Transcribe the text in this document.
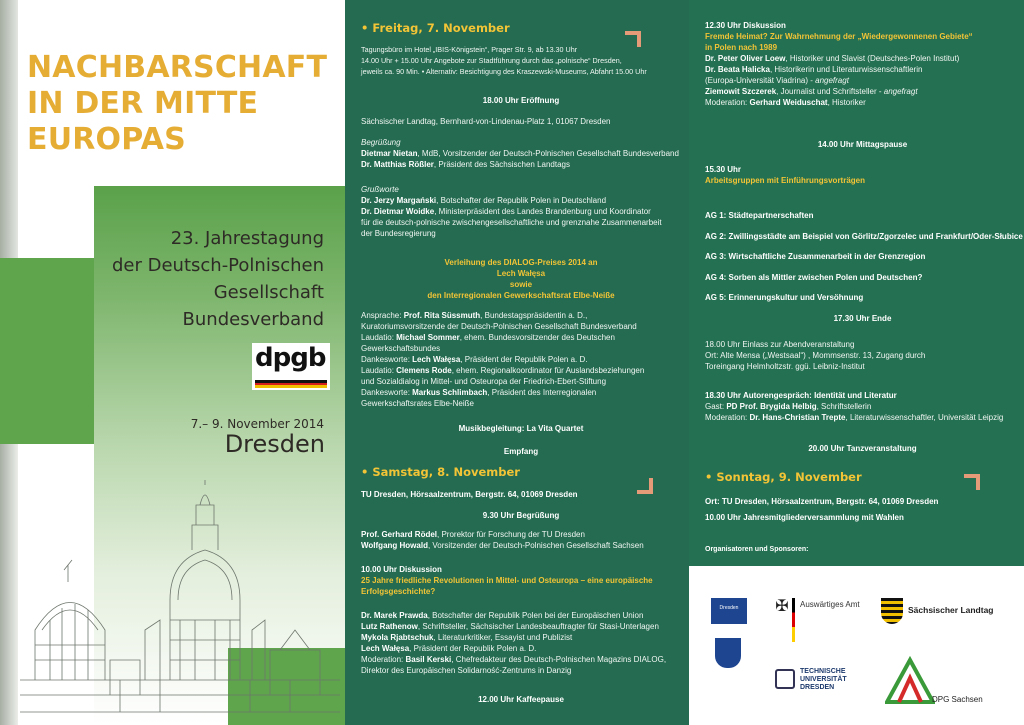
NACHBARSCHAFT
IN DER MITTE
EUROPAS
23. Jahrestagung
der Deutsch-Polnischen
Gesellschaft
Bundesverband
dpgb
7.– 9. November 2014
Dresden
• Freitag, 7. November

Tagungsbüro im Hotel „IBIS-Königstein“, Prager Str. 9, ab 13.30 Uhr

14.00 Uhr + 15.00 Uhr Angebote zur Stadtführung durch das „polnische“ Dresden,

jeweils ca. 90 Min. • Alternativ: Besichtigung des Kraszewski-Museums, Abfahrt 15.00 Uhr

18.00 Uhr Eröffnung
Sächsischer Landtag, Bernhard-von-Lindenau-Platz 1, 01067 Dresden

Begrüßung

Dietmar Nietan, MdB, Vorsitzender der Deutsch-Polnischen Gesellschaft Bundesverband

Dr. Matthias Rößler, Präsident des Sächsischen Landtags

Grußworte

Dr. Jerzy Margański, Botschafter der Republik Polen in Deutschland

Dr. Dietmar Woidke, Ministerpräsident des Landes Brandenburg und Koordinator

für die deutsch-polnische zwischengesellschaftliche und grenznahe Zusammenarbeit

der Bundesregierung

Verleihung des DIALOG-Preises 2014 an

Lech Wałęsa

sowie

den Interregionalen Gewerkschaftsrat Elbe-Neiße

Ansprache: Prof. Rita Süssmuth, Bundestagspräsidentin a. D.,

Kuratoriumsvorsitzende der Deutsch-Polnischen Gesellschaft Bundesverband

Laudatio: Michael Sommer, ehem. Bundesvorsitzender des Deutschen Gewerkschaftsbundes

Dankesworte: Lech Wałęsa, Präsident der Republik Polen a. D.

Laudatio: Clemens Rode, ehem. Regionalkoordinator für Auslandsbeziehungen

und Sozialdialog in Mittel- und Osteuropa der Friedrich-Ebert-Stiftung

Dankesworte: Markus Schlimbach, Präsident des Interregionalen

Gewerkschaftsrates Elbe-Neiße

Musikbegleitung: La Vita Quartet
Empfang
• Samstag, 8. November
TU Dresden, Hörsaalzentrum, Bergstr. 64, 01069 Dresden
9.30 Uhr Begrüßung

Prof. Gerhard Rödel, Prorektor für Forschung der TU Dresden

Wolfgang Howald, Vorsitzender der Deutsch-Polnischen Gesellschaft Sachsen

10.00 Uhr Diskussion

25 Jahre friedliche Revolutionen in Mittel- und Osteuropa – eine europäische

Erfolgsgeschichte?

Dr. Marek Prawda, Botschafter der Republik Polen bei der Europäischen Union

Lutz Rathenow, Schriftsteller, Sächsischer Landesbeauftragter für Stasi-Unterlagen

Mykola Rjabtschuk, Literaturkritiker, Essayist und Publizist

Lech Wałęsa, Präsident der Republik Polen a. D.

Moderation: Basil Kerski, Chefredakteur des Deutsch-Polnischen Magazins DIALOG,

Direktor des Europäischen Solidarność-Zentrums in Danzig

12.00 Uhr Kaffeepause

12.30 Uhr Diskussion

Fremde Heimat? Zur Wahrnehmung der „Wiedergewonnenen Gebiete“

in Polen nach 1989

Dr. Peter Oliver Loew, Historiker und Slavist (Deutsches-Polen Institut)

Dr. Beata Halicka, Historikerin und Literaturwissenschaftlerin

(Europa-Universität Viadrina) - angefragt

Ziemowit Szczerek, Journalist und Schriftsteller - angefragt

Moderation: Gerhard Weiduschat, Historiker

14.00 Uhr Mittagspause

15.30 Uhr

Arbeitsgruppen mit Einführungsvorträgen

AG 1: Städtepartnerschaften

AG 2: Zwillingsstädte am Beispiel von Görlitz/Zgorzelec und Frankfurt/Oder-Słubice

AG 3: Wirtschaftliche Zusammenarbeit in der Grenzregion

AG 4: Sorben als Mittler zwischen Polen und Deutschen?

AG 5: Erinnerungskultur und Versöhnung

17.30 Uhr Ende

18.00 Uhr Einlass zur Abendveranstaltung

Ort: Alte Mensa („Westsaal“) , Mommsenstr. 13, Zugang durch

Toreingang Helmholtzstr. ggü. Leibniz-Institut

18.30 Uhr Autorengespräch: Identität und Literatur

Gast: PD Prof. Brygida Helbig, Schriftstellerin

Moderation: Dr. Hans-Christian Trepte, Literaturwissenschaftler, Universität Leipzig

20.00 Uhr Tanzveranstaltung
• Sonntag, 9. November
Ort: TU Dresden, Hörsaalzentrum, Bergstr. 64, 01069 Dresden
10.00 Uhr Jahresmitgliederversammlung mit Wahlen
Organisatoren und Sponsoren:
Dresden	✠	Auswärtiges Amt
Sächsischer Landtag
TECHNISCHE
UNIVERSITÄT
DRESDEN
DPG Sachsen
